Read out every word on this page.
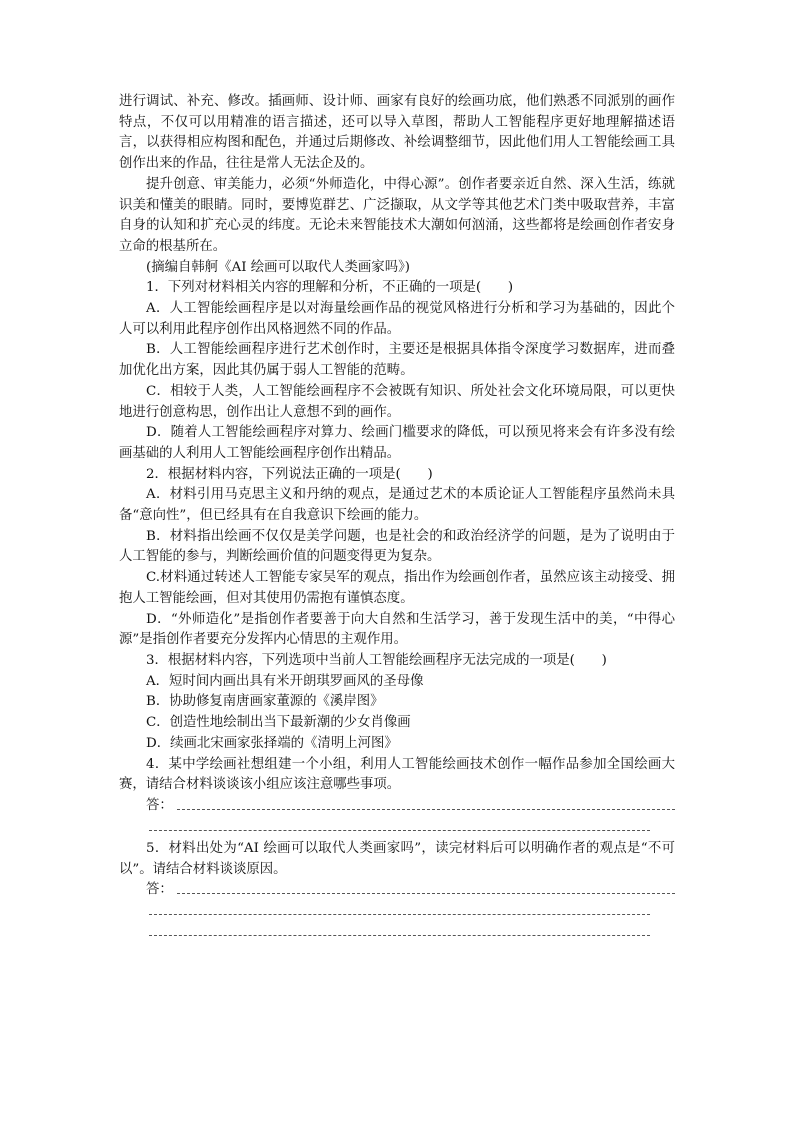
进行调试、补充、修改。插画师、设计师、画家有良好的绘画功底，他们熟悉不同派别的画作特点，不仅可以用精准的语言描述，还可以导入草图，帮助人工智能程序更好地理解描述语言，以获得相应构图和配色，并通过后期修改、补绘调整细节，因此他们用人工智能绘画工具创作出来的作品，往往是常人无法企及的。

提升创意、审美能力，必须“外师造化，中得心源”。创作者要亲近自然、深入生活，练就识美和懂美的眼睛。同时，要博览群艺、广泛撷取，从文学等其他艺术门类中吸取营养，丰富自身的认知和扩充心灵的纬度。无论未来智能技术大潮如何汹涌，这些都将是绘画创作者安身立命的根基所在。

(摘编自韩舸《AI 绘画可以取代人类画家吗》)

1．下列对材料相关内容的理解和分析，不正确的一项是(　　)

A．人工智能绘画程序是以对海量绘画作品的视觉风格进行分析和学习为基础的，因此个人可以利用此程序创作出风格迥然不同的作品。

B．人工智能绘画程序进行艺术创作时，主要还是根据具体指令深度学习数据库，进而叠加优化出方案，因此其仍属于弱人工智能的范畴。

C．相较于人类，人工智能绘画程序不会被既有知识、所处社会文化环境局限，可以更快地进行创意构思，创作出让人意想不到的画作。

D．随着人工智能绘画程序对算力、绘画门槛要求的降低，可以预见将来会有许多没有绘画基础的人利用人工智能绘画程序创作出精品。

2．根据材料内容，下列说法正确的一项是(　　)

A．材料引用马克思主义和丹纳的观点，是通过艺术的本质论证人工智能程序虽然尚未具备“意向性”，但已经具有在自我意识下绘画的能力。

B．材料指出绘画不仅仅是美学问题，也是社会的和政治经济学的问题，是为了说明由于人工智能的参与，判断绘画价值的问题变得更为复杂。

C.材料通过转述人工智能专家吴军的观点，指出作为绘画创作者，虽然应该主动接受、拥抱人工智能绘画，但对其使用仍需抱有谨慎态度。

D．“外师造化”是指创作者要善于向大自然和生活学习，善于发现生活中的美，“中得心源”是指创作者要充分发挥内心情思的主观作用。

3．根据材料内容，下列选项中当前人工智能绘画程序无法完成的一项是(　　)

A．短时间内画出具有米开朗琪罗画风的圣母像

B．协助修复南唐画家董源的《溪岸图》

C．创造性地绘制出当下最新潮的少女肖像画

D．续画北宋画家张择端的《清明上河图》

4．某中学绘画社想组建一个小组，利用人工智能绘画技术创作一幅作品参加全国绘画大赛，请结合材料谈谈该小组应该注意哪些事项。

答：

5．材料出处为“AI 绘画可以取代人类画家吗”，读完材料后可以明确作者的观点是“不可以”。请结合材料谈谈原因。

答：
